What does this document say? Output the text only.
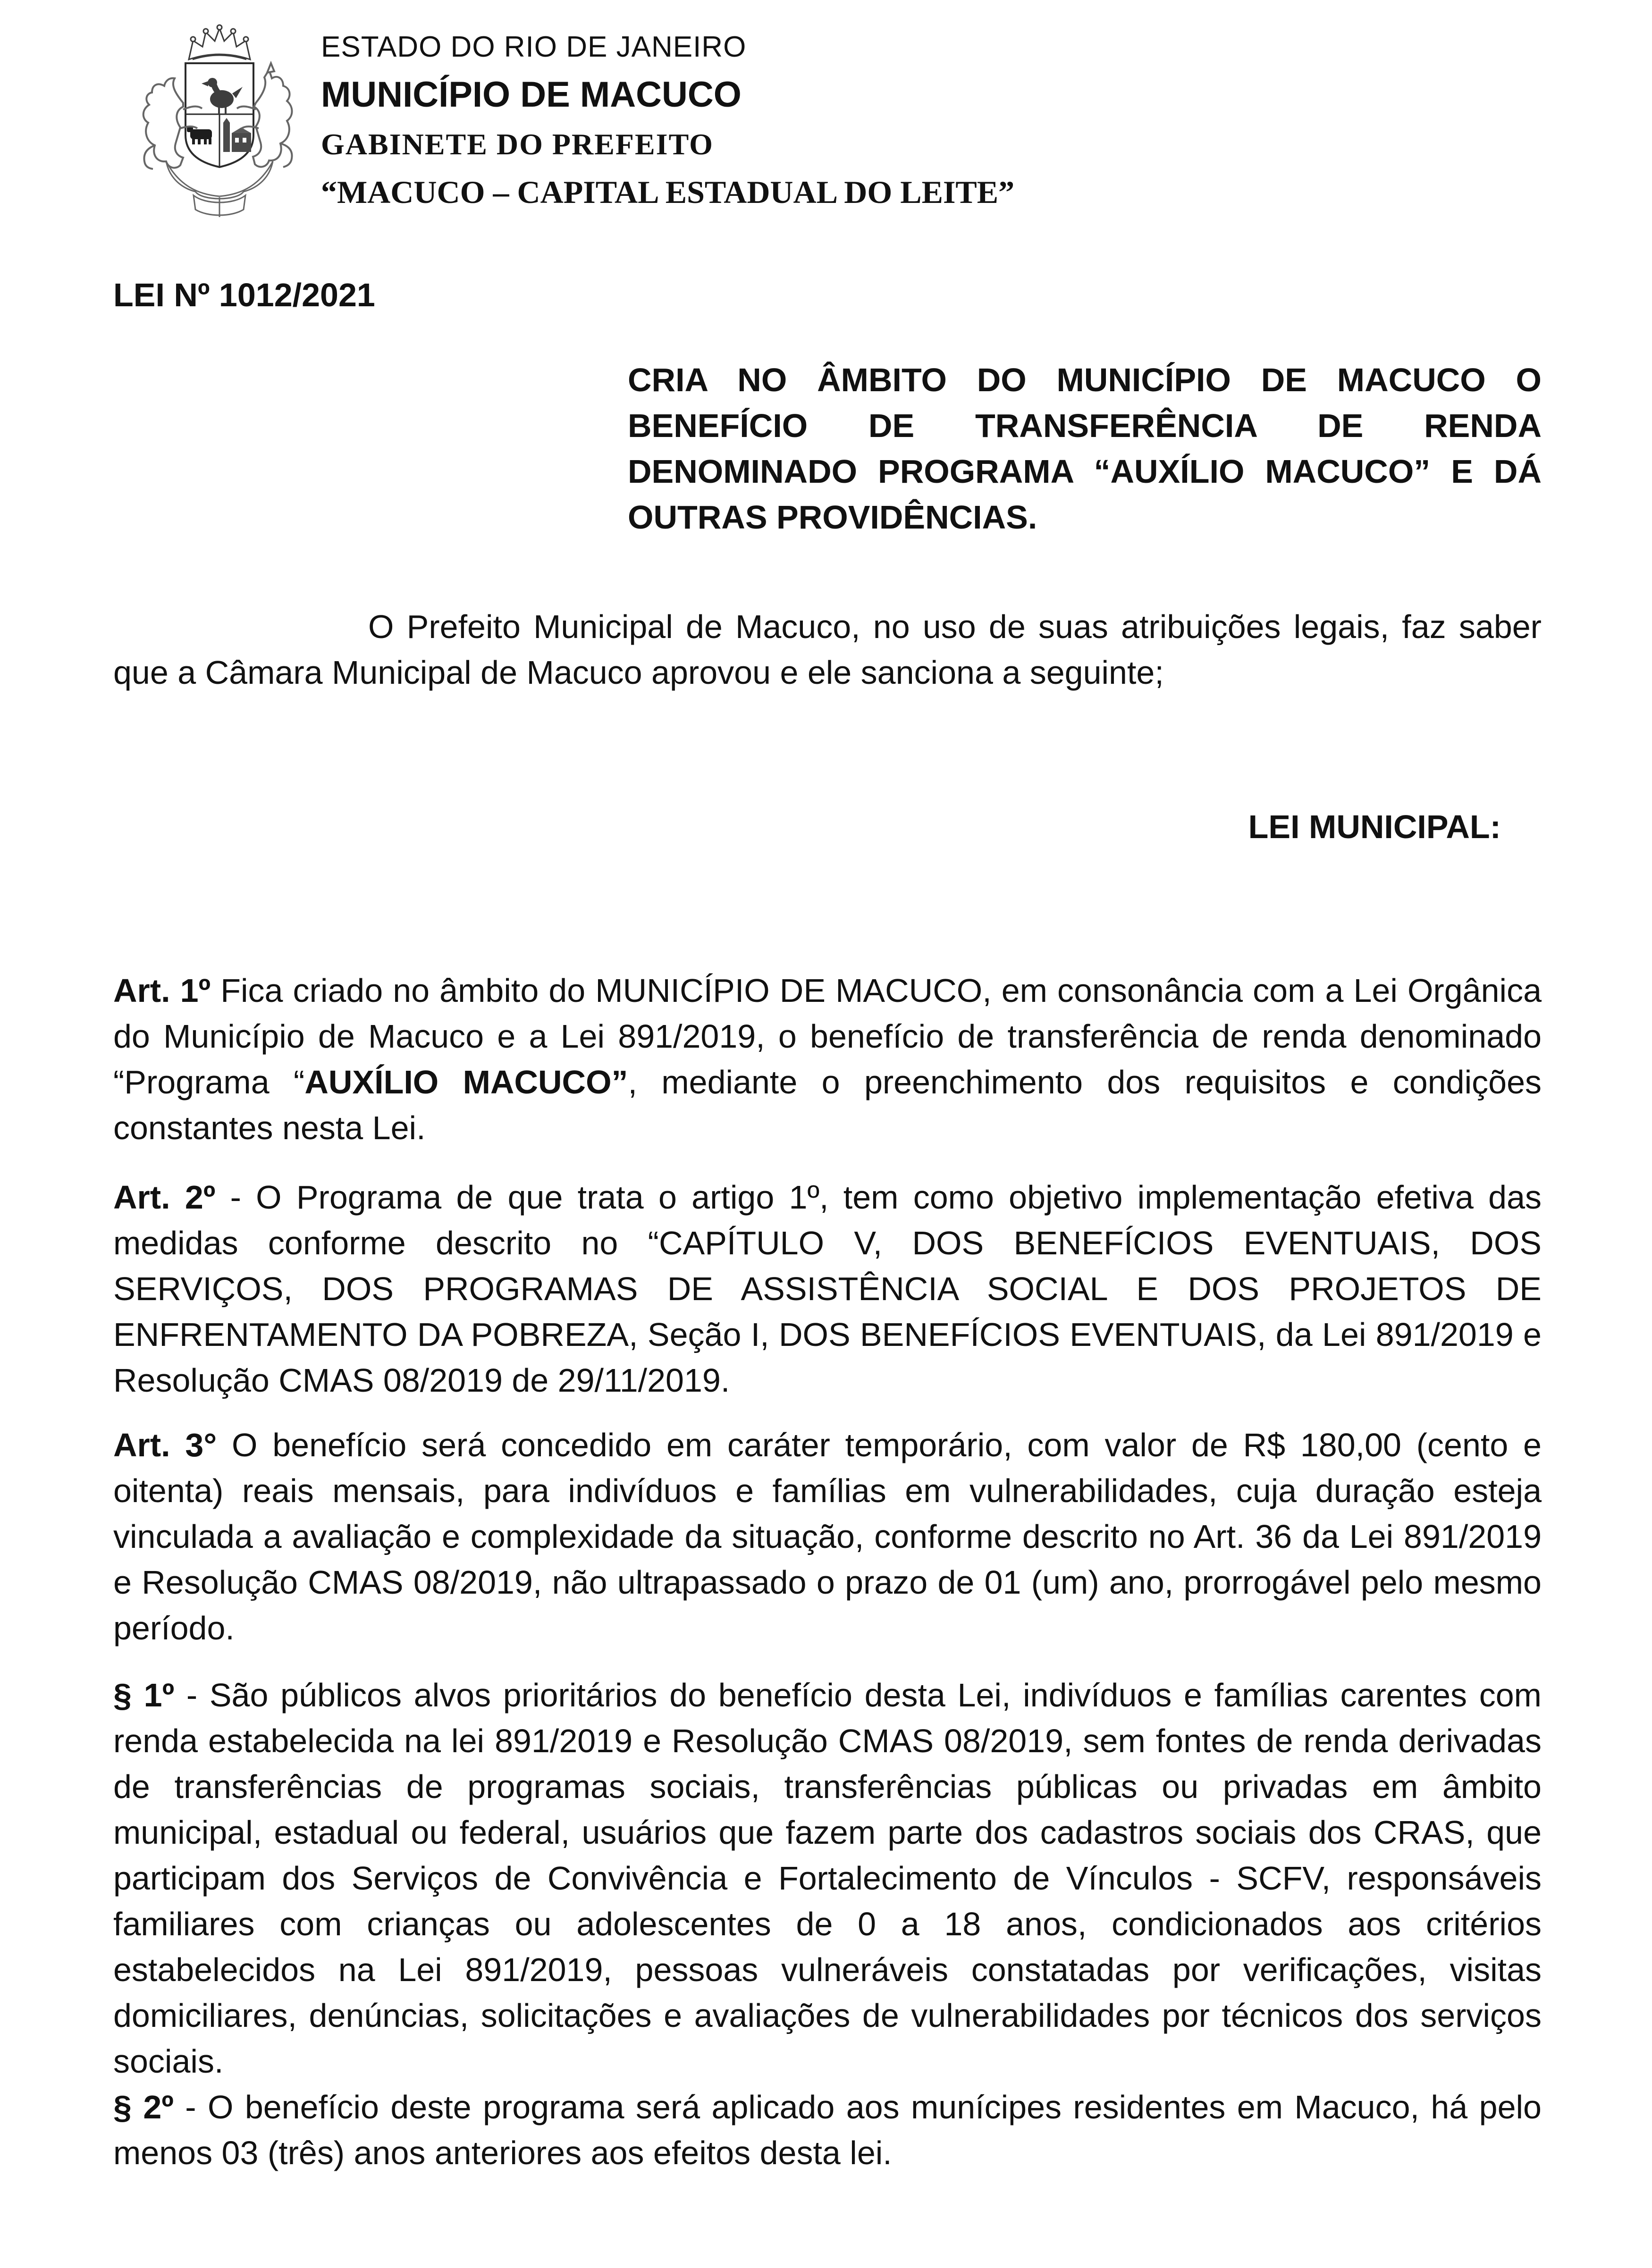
ESTADO DO RIO DE JANEIRO
MUNICÍPIO DE MACUCO
GABINETE DO PREFEITO
“MACUCO – CAPITAL ESTADUAL DO LEITE”

LEI Nº 1012/2021

CRIA NO ÂMBITO DO MUNICÍPIO DE MACUCO O BENEFÍCIO DE TRANSFERÊNCIA DE RENDA DENOMINADO PROGRAMA “AUXÍLIO MACUCO” E DÁ OUTRAS PROVIDÊNCIAS.

O Prefeito Municipal de Macuco, no uso de suas atribuições legais, faz saber que a Câmara Municipal de Macuco aprovou e ele sanciona a seguinte;

LEI MUNICIPAL:

Art. 1º Fica criado no âmbito do MUNICÍPIO DE MACUCO, em consonância com a Lei Orgânica do Município de Macuco e a Lei 891/2019, o benefício de transferência de renda denominado “Programa “AUXÍLIO MACUCO”, mediante o preenchimento dos requisitos e condições constantes nesta Lei.

Art. 2º - O Programa de que trata o artigo 1º, tem como objetivo implementação efetiva das medidas conforme descrito no “CAPÍTULO V, DOS BENEFÍCIOS EVENTUAIS, DOS SERVIÇOS, DOS PROGRAMAS DE ASSISTÊNCIA SOCIAL E DOS PROJETOS DE ENFRENTAMENTO DA POBREZA, Seção I, DOS BENEFÍCIOS EVENTUAIS, da Lei 891/2019 e Resolução CMAS 08/2019 de 29/11/2019.

Art. 3° O benefício será concedido em caráter temporário, com valor de R$ 180,00 (cento e oitenta) reais mensais, para indivíduos e famílias em vulnerabilidades, cuja duração esteja vinculada a avaliação e complexidade da situação, conforme descrito no Art. 36 da Lei 891/2019 e Resolução CMAS 08/2019, não ultrapassado o prazo de 01 (um) ano, prorrogável pelo mesmo período.

§ 1º - São públicos alvos prioritários do benefício desta Lei, indivíduos e famílias carentes com renda estabelecida na lei 891/2019 e Resolução CMAS 08/2019, sem fontes de renda derivadas de transferências de programas sociais, transferências públicas ou privadas em âmbito municipal, estadual ou federal, usuários que fazem parte dos cadastros sociais dos CRAS, que participam dos Serviços de Convivência e Fortalecimento de Vínculos - SCFV, responsáveis familiares com crianças ou adolescentes de 0 a 18 anos, condicionados aos critérios estabelecidos na Lei 891/2019, pessoas vulneráveis constatadas por verificações, visitas domiciliares, denúncias, solicitações e avaliações de vulnerabilidades por técnicos dos serviços sociais.

§ 2º - O benefício deste programa será aplicado aos munícipes residentes em Macuco, há pelo menos 03 (três) anos anteriores aos efeitos desta lei.
